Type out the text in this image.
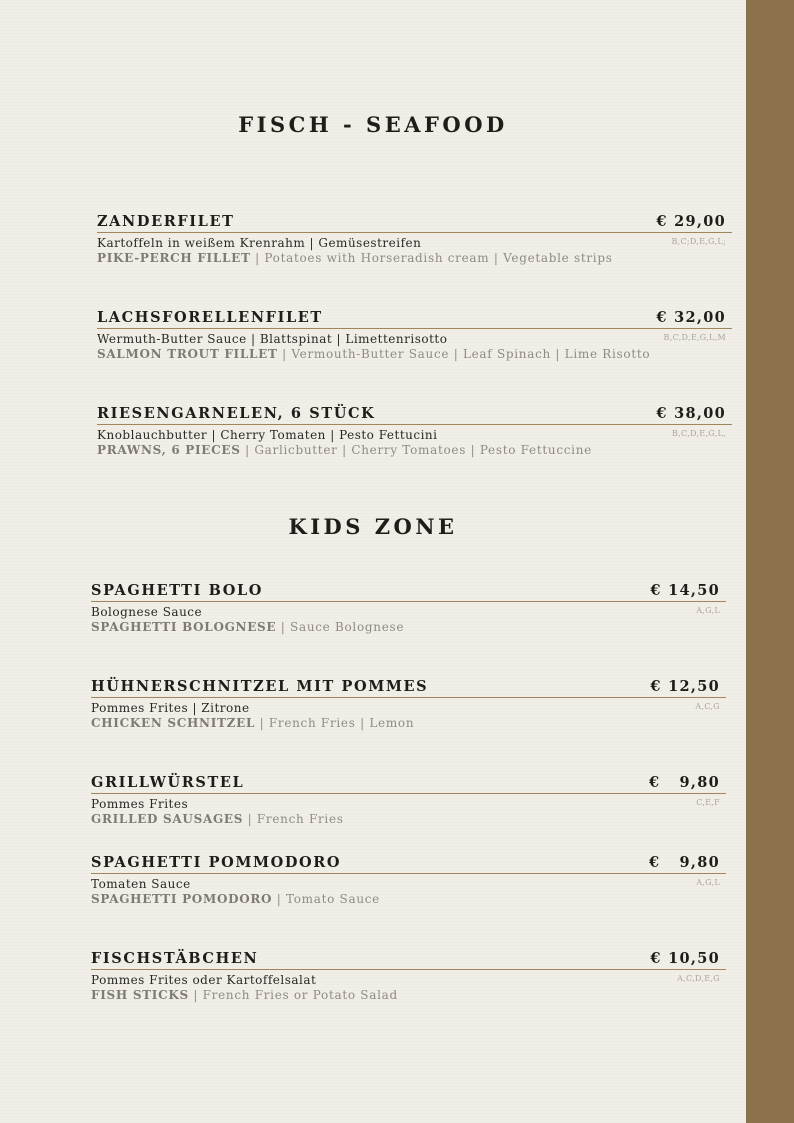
FISCH - SEAFOOD
ZANDERFILET	€ 29,00
Kartoffeln in weißem Krenrahm | Gemüsestreifen	B,C;D,E,G,L;
PIKE-PERCH FILLET | Potatoes with Horseradish cream | Vegetable strips
LACHSFORELLENFILET	€ 32,00
Wermuth-Butter Sauce | Blattspinat | Limettenrisotto	B,C,D,E,G,L,M
SALMON TROUT FILLET | Vermouth-Butter Sauce | Leaf Spinach | Lime Risotto
RIESENGARNELEN, 6 STÜCK	€ 38,00
Knoblauchbutter | Cherry Tomaten | Pesto Fettucini	B,C,D,E,G,L,
PRAWNS, 6 PIECES | Garlicbutter | Cherry Tomatoes | Pesto Fettuccine
KIDS ZONE
SPAGHETTI BOLO	€ 14,50
Bolognese Sauce	A,G,L
SPAGHETTI BOLOGNESE | Sauce Bolognese
HÜHNERSCHNITZEL MIT POMMES	€ 12,50
Pommes Frites | Zitrone	A,C,G
CHICKEN SCHNITZEL | French Fries | Lemon
GRILLWÜRSTEL	€   9,80
Pommes Frites	C,E,F
GRILLED SAUSAGES | French Fries
SPAGHETTI POMMODORO	€   9,80
Tomaten Sauce	A,G,L
SPAGHETTI POMODORO | Tomato Sauce
FISCHSTÄBCHEN	€ 10,50
Pommes Frites oder Kartoffelsalat	A,C,D,E,G
FISH STICKS | French Fries or Potato Salad
